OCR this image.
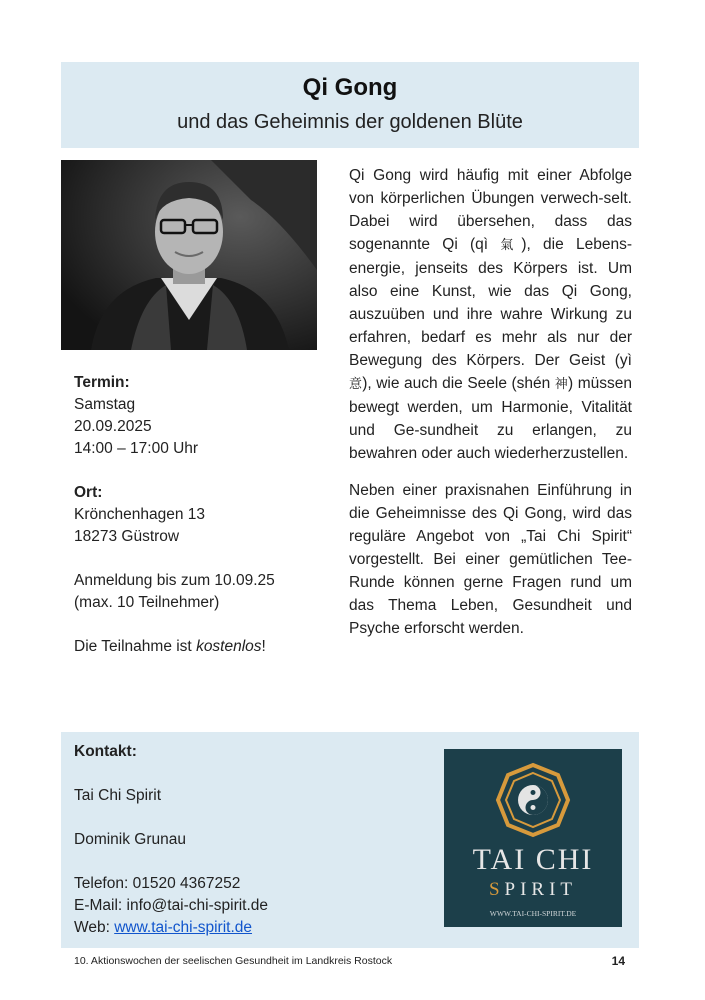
Qi Gong
und das Geheimnis der goldenen Blüte
Termin:
Samstag
20.09.2025
14:00 – 17:00 Uhr
Ort:
Krönchenhagen 13
18273 Güstrow
Anmeldung bis zum 10.09.25
(max. 10 Teilnehmer)
Die Teilnahme ist kostenlos!

Qi Gong wird häufig mit einer Abfolge von körperlichen Übungen verwech-selt. Dabei wird übersehen, dass das sogenannte Qi (qì 氣), die Lebens-energie, jenseits des Körpers ist. Um also eine Kunst, wie das Qi Gong, auszuüben und ihre wahre Wirkung zu erfahren, bedarf es mehr als nur der Bewegung des Körpers. Der Geist (yì 意), wie auch die Seele (shén 神) müssen bewegt werden, um Harmonie, Vitalität und Ge-sundheit zu erlangen, zu bewahren oder auch wiederherzustellen.

Neben einer praxisnahen Einführung in die Geheimnisse des Qi Gong, wird das reguläre Angebot von „Tai Chi Spirit“ vorgestellt. Bei einer gemütlichen Tee-Runde können gerne Fragen rund um das Thema Leben, Gesundheit und Psyche erforscht werden.

Kontakt:
Tai Chi Spirit
Dominik Grunau
Telefon: 01520 4367252
E-Mail: info@tai-chi-spirit.de
Web: www.tai-chi-spirit.de
TAI CHI
SPIRIT
WWW.TAI-CHI-SPIRIT.DE
10. Aktionswochen der seelischen Gesundheit im Landkreis Rostock	14
